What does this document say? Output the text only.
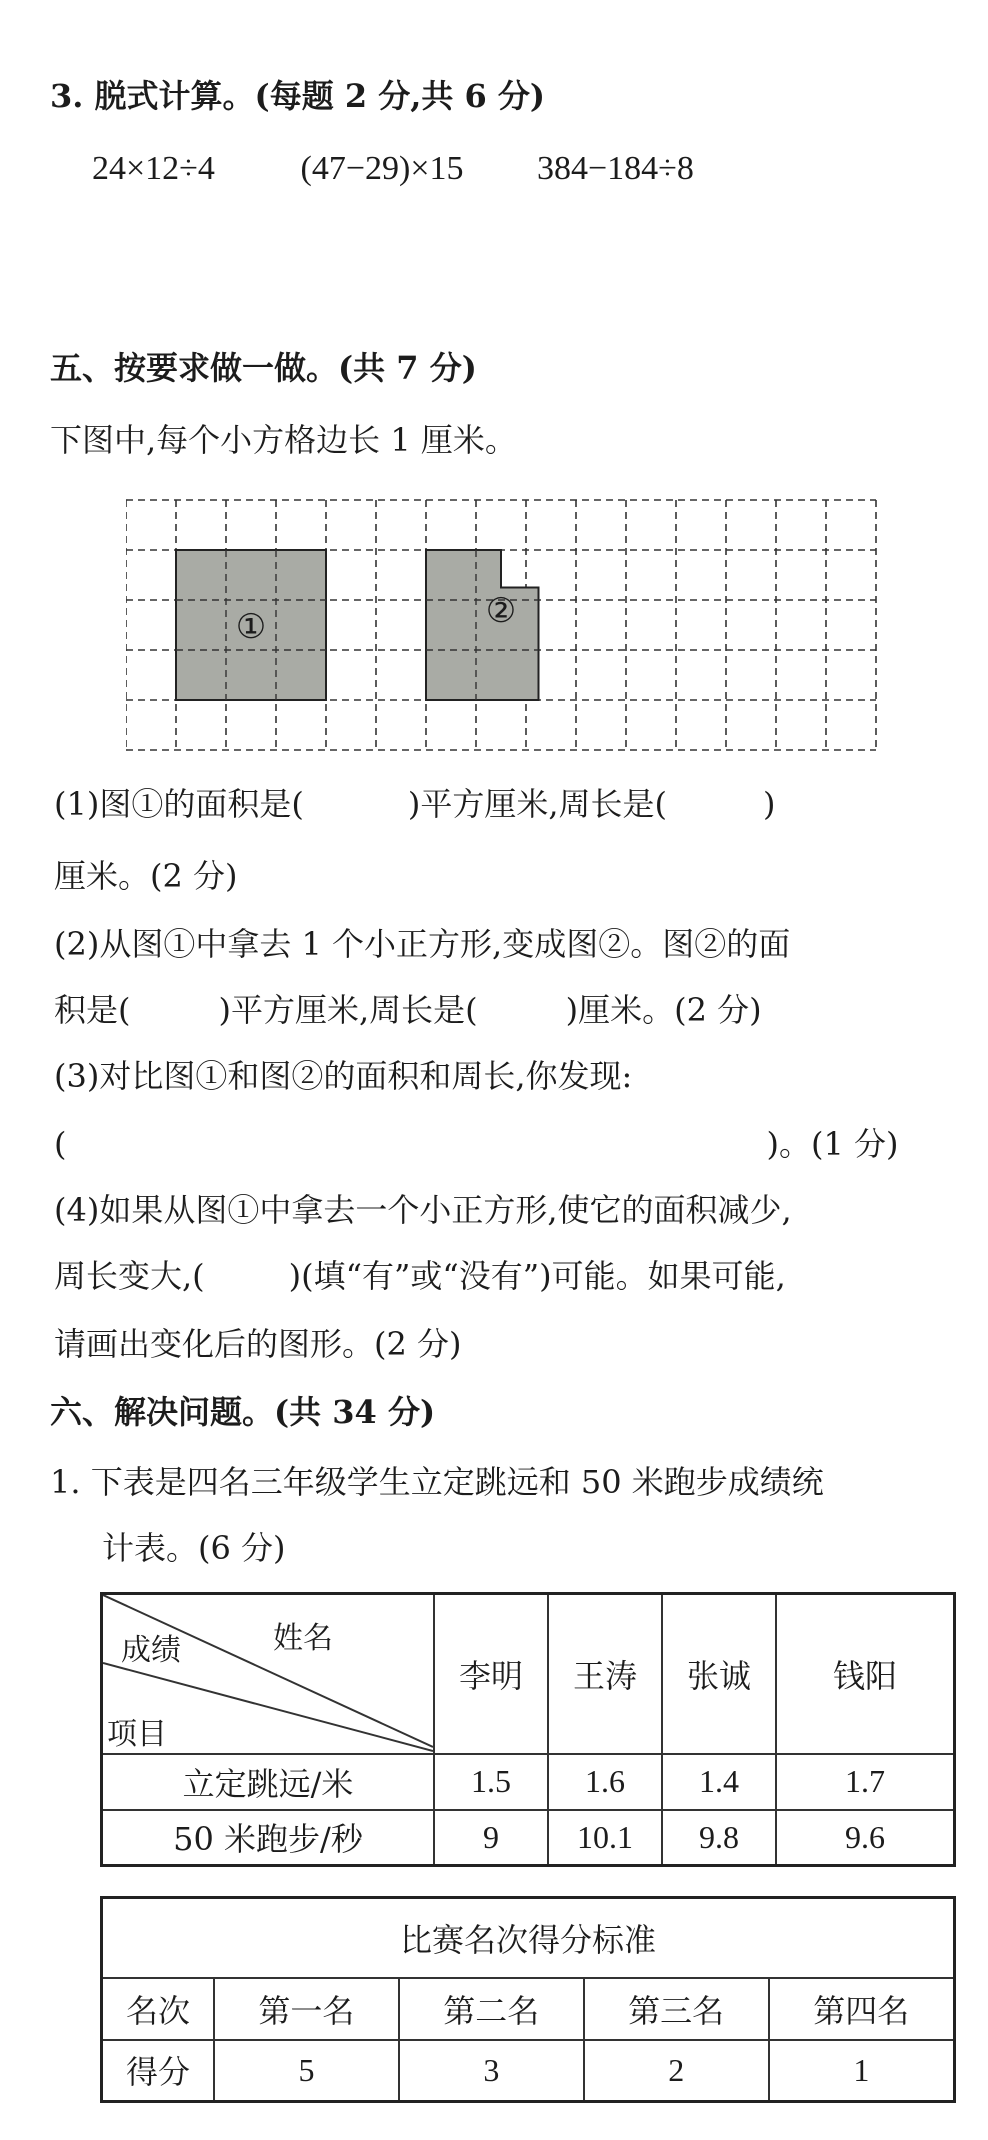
3. 脱式计算。(每题 2 分,共 6 分)
24×12÷4	(47−29)×15 384−184÷8
五、按要求做一做。(共 7 分)
下图中,每个小方格边长 1 厘米。
①	②
(1)图①的面积是(	)平方厘米,周长是(	)
厘米。(2 分)
(2)从图①中拿去 1 个小正方形,变成图②。图②的面
积是(	)平方厘米,周长是(	)厘米。(2 分)
(3)对比图①和图②的面积和周长,你发现:
(	)。(1 分)
(4)如果从图①中拿去一个小正方形,使它的面积减少,
周长变大,(	)(填“有”或“没有”)可能。如果可能,
请画出变化后的图形。(2 分)
六、解决问题。(共 34 分)
1. 下表是四名三年级学生立定跳远和 50 米跑步成绩统
计表。(6 分)
姓名
成绩
项目	李明	王涛	张诚	钱阳
立定跳远/米	1.5	1.6	1.4	1.7
50 米跑步/秒	9	10.1	9.8	9.6
比赛名次得分标准				
名次	第一名	第二名	第三名	第四名
得分	5	3	2	1
